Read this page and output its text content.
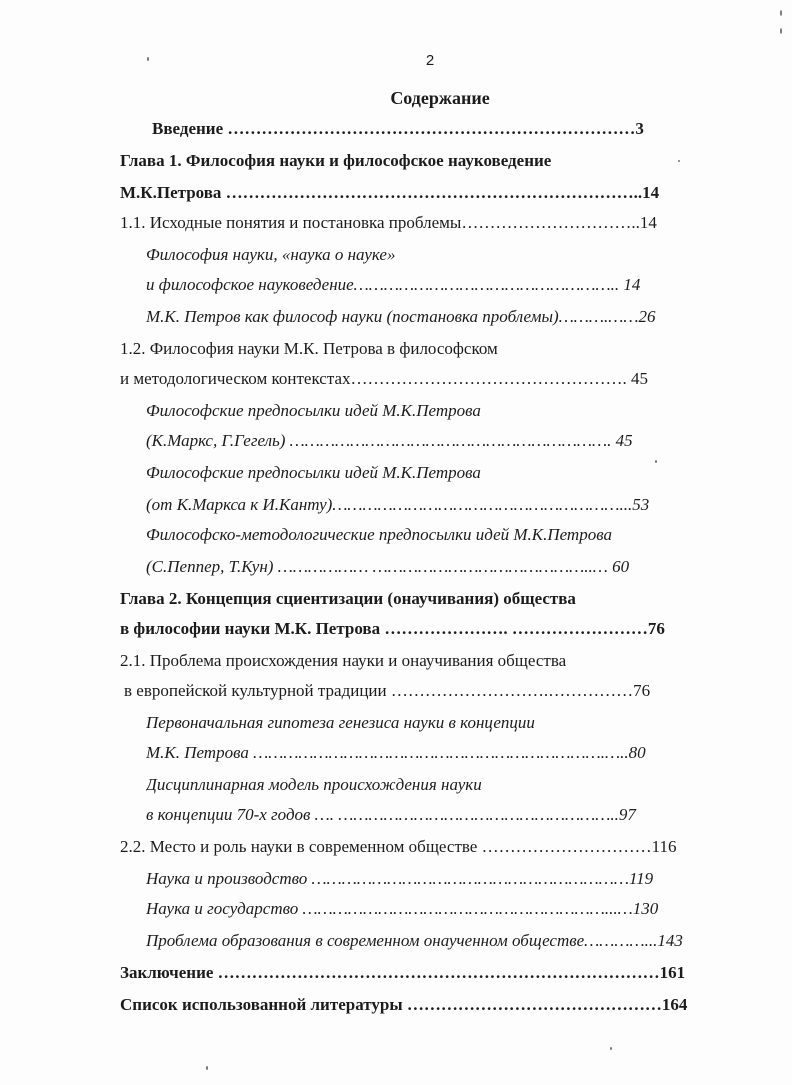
2
Содержание
Введение ………………………………………………………………3
Глава 1. Философия науки и философское науковедение
М.К.Петрова ………………………………………………………………..14
1.1. Исходные понятия и постановка проблемы…………………………..14
Философия науки, «наука о науке»
и философское науковедение…………………………………………….. 14
М.К. Петров как философ науки (постановка проблемы)……….……26
1.2. Философия науки М.К. Петрова в философском
и методологическом контекстах…………………………………………. 45
Философские предпосылки идей М.К.Петрова
(К.Маркс, Г.Гегель) ………………………………………………………. 45
Философские предпосылки идей М.К.Петрова
(от К.Маркса к И.Канту)…………………………………………………...53
Философско-методологические предпосылки идей М.К.Петрова
(С.Пеппер, Т.Кун) ……………… ……………………………………..… 60
Глава 2. Концепция сциентизации (онаучивания) общества
в философии науки М.К. Петрова …………………. ……………………76
2.1. Проблема происхождения науки и онаучивания общества
в европейской культурной традиции ……………………….……………76
Первоначальная гипотеза генезиса науки в концепции
М.К. Петрова …………………………………………………………….…..80
Дисциплинарная модель происхождения науки
в концепции 70-х годов …. ………………………………………………..97
2.2. Место и роль науки в современном обществе …………………………116
Наука и производство ………………………………………………………119
Наука и государство ……………………………………………………...…130
Проблема образования в современном онаученном обществе…………...143
Заключение ……………………………………………………………………161
Список использованной литературы ………………………………………164
